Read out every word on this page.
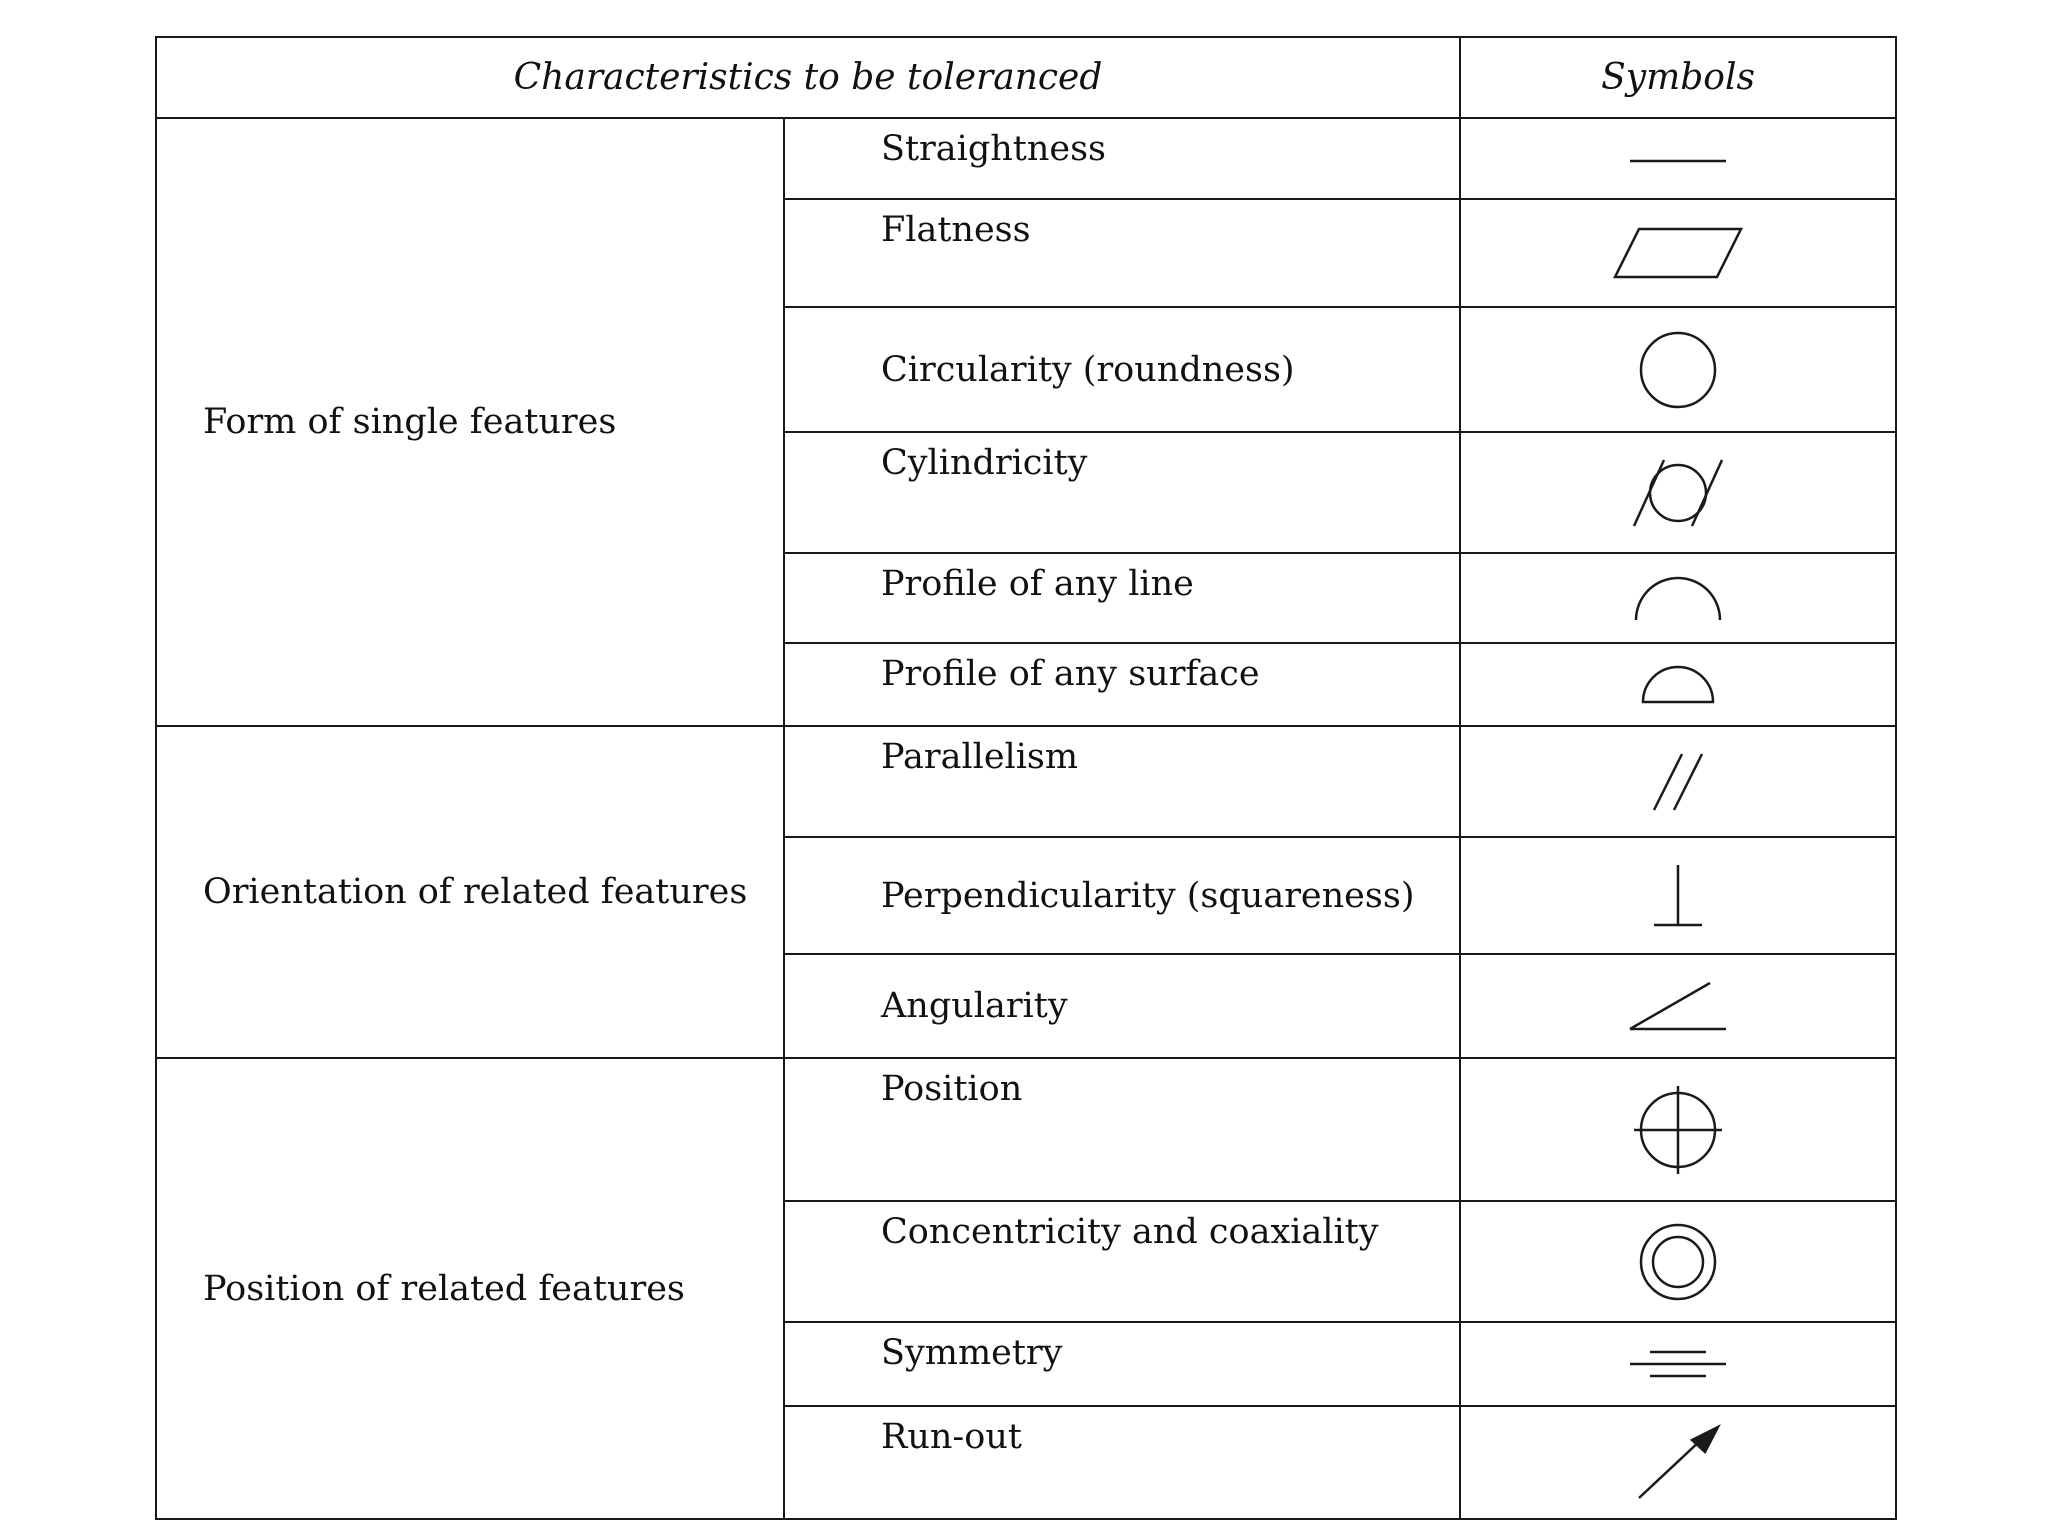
Characteristics to be toleranced		Symbols
Form of single features	Straightness	

	Flatness	

	Circularity (roundness)	

	Cylindricity	

	Profile of any line	

	Profile of any surface	

Orientation of related features	Parallelism	

	Perpendicularity (squareness)	

	Angularity	

Position of related features	Position	

	Concentricity and coaxiality	

	Symmetry	

	Run-out	
